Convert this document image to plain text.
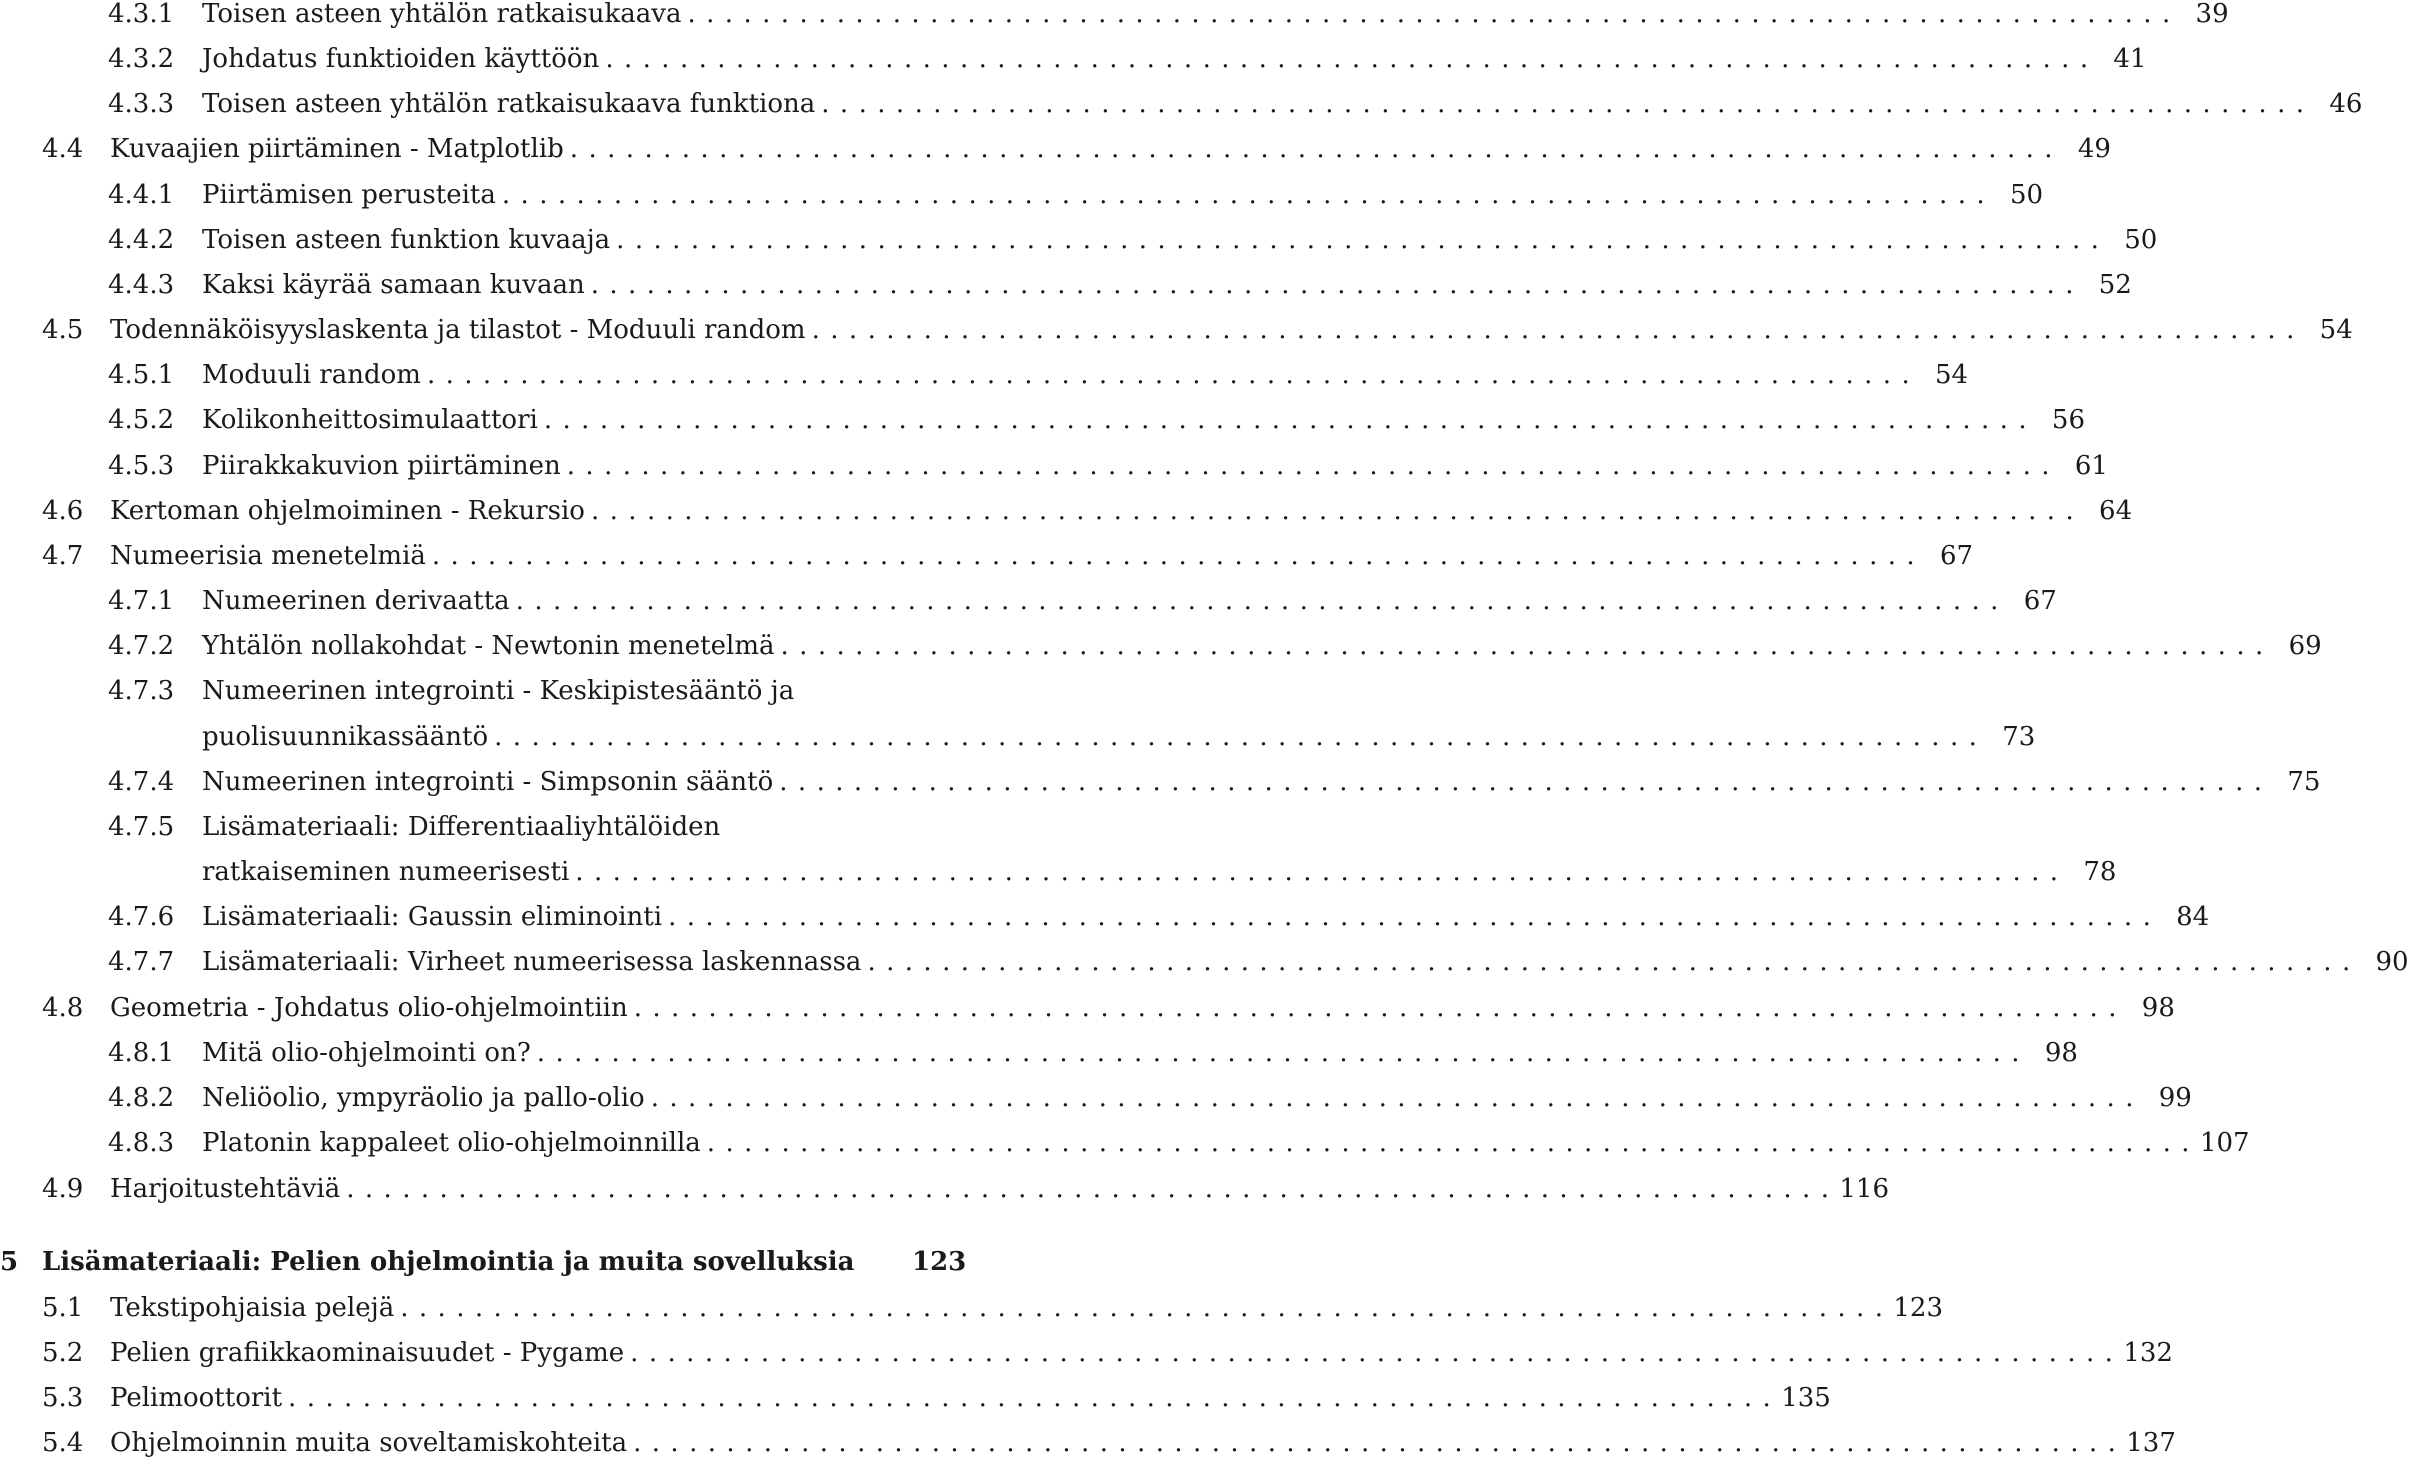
4.3.1 Toisen asteen yhtälön ratkaisukaava ................................................................................ 39
4.3.2 Johdatus funktioiden käyttöön ................................................................................ 41
4.3.3 Toisen asteen yhtälön ratkaisukaava funktiona ................................................................................ 46
4.4 Kuvaajien piirtäminen - Matplotlib ................................................................................ 49
4.4.1 Piirtämisen perusteita ................................................................................ 50
4.4.2 Toisen asteen funktion kuvaaja ................................................................................ 50
4.4.3 Kaksi käyrää samaan kuvaan ................................................................................ 52
4.5 Todennäköisyyslaskenta ja tilastot - Moduuli random ................................................................................ 54
4.5.1 Moduuli random ................................................................................ 54
4.5.2 Kolikonheittosimulaattori ................................................................................ 56
4.5.3 Piirakkakuvion piirtäminen ................................................................................ 61
4.6 Kertoman ohjelmoiminen - Rekursio ................................................................................ 64
4.7 Numeerisia menetelmiä ................................................................................ 67
4.7.1 Numeerinen derivaatta ................................................................................ 67
4.7.2 Yhtälön nollakohdat - Newtonin menetelmä ................................................................................ 69
4.7.3 Numeerinen integrointi - Keskipistesääntö ja
puolisuunnikassääntö ................................................................................ 73
4.7.4 Numeerinen integrointi - Simpsonin sääntö ................................................................................ 75
4.7.5 Lisämateriaali: Differentiaaliyhtälöiden
ratkaiseminen numeerisesti ................................................................................ 78
4.7.6 Lisämateriaali: Gaussin eliminointi ................................................................................ 84
4.7.7 Lisämateriaali: Virheet numeerisessa laskennassa ................................................................................ 90
4.8 Geometria - Johdatus olio-ohjelmointiin ................................................................................ 98
4.8.1 Mitä olio-ohjelmointi on? ................................................................................ 98
4.8.2 Neliöolio, ympyräolio ja pallo-olio ................................................................................ 99
4.8.3 Platonin kappaleet olio-ohjelmoinnilla ................................................................................ 107
4.9 Harjoitustehtäviä ................................................................................ 116
5 Lisämateriaali: Pelien ohjelmointia ja muita sovelluksia 123
5.1 Tekstipohjaisia pelejä ................................................................................ 123
5.2 Pelien grafiikkaominaisuudet - Pygame ................................................................................ 132
5.3 Pelimoottorit ................................................................................ 135
5.4 Ohjelmoinnin muita soveltamiskohteita ................................................................................ 137
